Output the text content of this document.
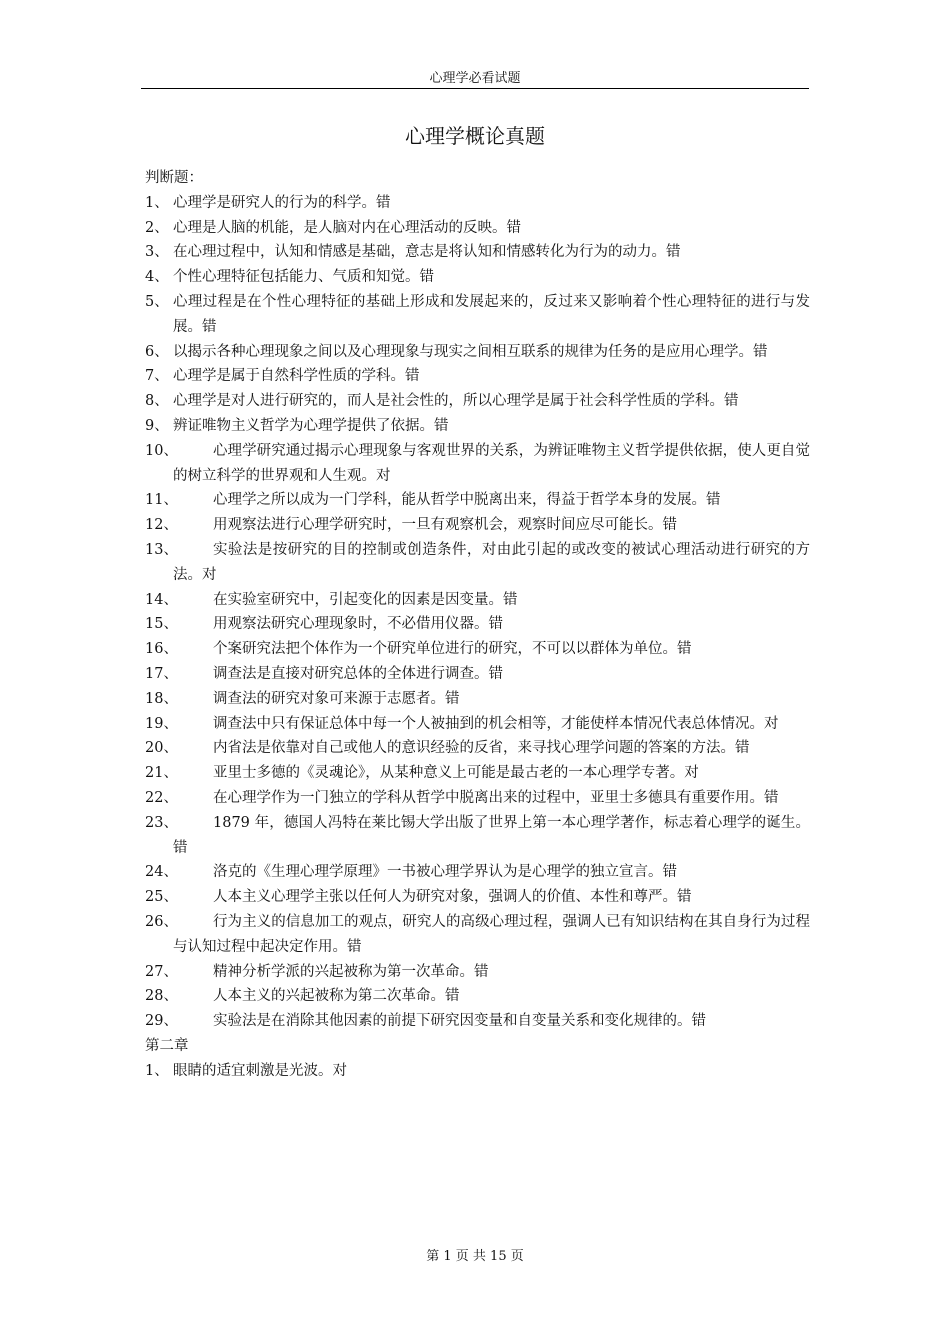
心理学必看试题
心理学概论真题
判断题：
1、 心理学是研究人的行为的科学。错
2、 心理是人脑的机能，是人脑对内在心理活动的反映。错
3、 在心理过程中，认知和情感是基础，意志是将认知和情感转化为行为的动力。错
4、 个性心理特征包括能力、气质和知觉。错
5、 心理过程是在个性心理特征的基础上形成和发展起来的，反过来又影响着个性心理特征的进行与发展。错
6、 以揭示各种心理现象之间以及心理现象与现实之间相互联系的规律为任务的是应用心理学。错
7、 心理学是属于自然科学性质的学科。错
8、 心理学是对人进行研究的，而人是社会性的，所以心理学是属于社会科学性质的学科。错
9、 辨证唯物主义哲学为心理学提供了依据。错
10、	心理学研究通过揭示心理现象与客观世界的关系，为辨证唯物主义哲学提供依据，使人更自觉的树立科学的世界观和人生观。对
11、	心理学之所以成为一门学科，能从哲学中脱离出来，得益于哲学本身的发展。错
12、	用观察法进行心理学研究时，一旦有观察机会，观察时间应尽可能长。错
13、	实验法是按研究的目的控制或创造条件，对由此引起的或改变的被试心理活动进行研究的方法。对
14、	在实验室研究中，引起变化的因素是因变量。错
15、	用观察法研究心理现象时，不必借用仪器。错
16、	个案研究法把个体作为一个研究单位进行的研究，不可以以群体为单位。错
17、	调查法是直接对研究总体的全体进行调查。错
18、	调查法的研究对象可来源于志愿者。错
19、	调查法中只有保证总体中每一个人被抽到的机会相等，才能使样本情况代表总体情况。对
20、	内省法是依靠对自己或他人的意识经验的反省，来寻找心理学问题的答案的方法。错
21、	亚里士多德的《灵魂论》，从某种意义上可能是最古老的一本心理学专著。对
22、	在心理学作为一门独立的学科从哲学中脱离出来的过程中，亚里士多德具有重要作用。错
23、	1879 年，德国人冯特在莱比锡大学出版了世界上第一本心理学著作，标志着心理学的诞生。错
24、	洛克的《生理心理学原理》一书被心理学界认为是心理学的独立宣言。错
25、	人本主义心理学主张以任何人为研究对象，强调人的价值、本性和尊严。错
26、	行为主义的信息加工的观点，研究人的高级心理过程，强调人已有知识结构在其自身行为过程与认知过程中起决定作用。错
27、	精神分析学派的兴起被称为第一次革命。错
28、	人本主义的兴起被称为第二次革命。错
29、	实验法是在消除其他因素的前提下研究因变量和自变量关系和变化规律的。错
第二章
1、 眼睛的适宜刺激是光波。对
第 1 页 共 15 页
